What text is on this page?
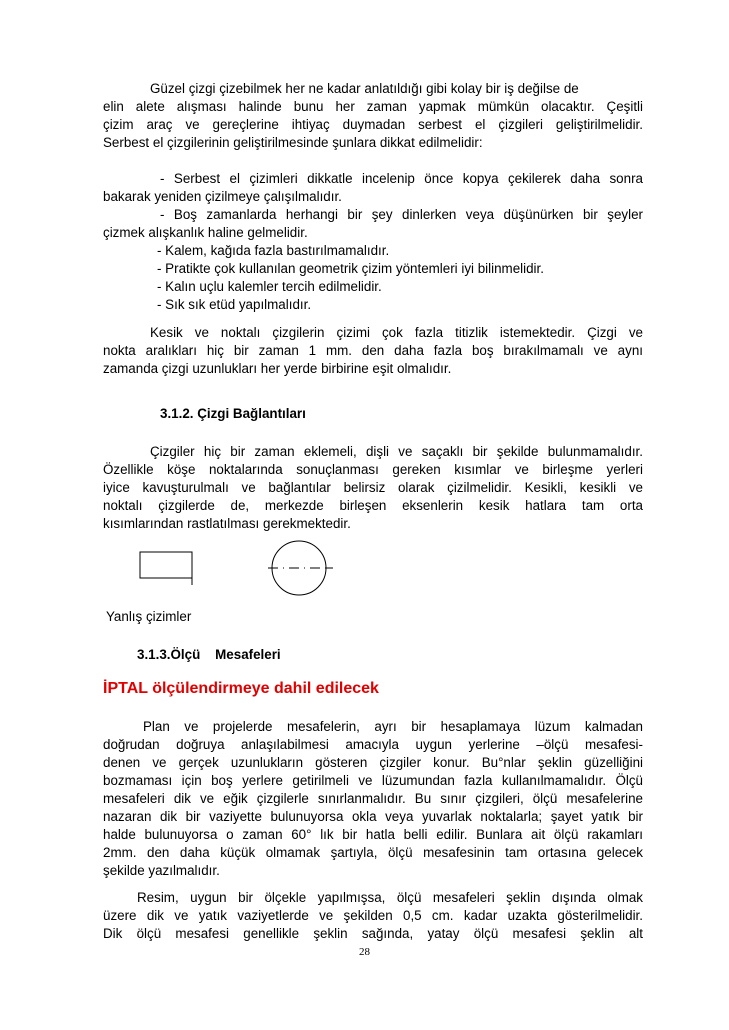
Güzel çizgi çizebilmek her ne kadar anlatıldığı gibi kolay bir iş değilse de
elin alete alışması halinde bunu her zaman yapmak mümkün olacaktır. Çeşitli
çizim araç ve gereçlerine ihtiyaç duymadan serbest el çizgileri geliştirilmelidir.
Serbest el çizgilerinin geliştirilmesinde şunlara dikkat edilmelidir:
- Serbest el çizimleri dikkatle incelenip önce kopya çekilerek daha sonra
bakarak yeniden çizilmeye çalışılmalıdır.
- Boş zamanlarda herhangi bir şey dinlerken veya düşünürken bir şeyler
çizmek alışkanlık haline gelmelidir.
- Kalem, kağıda fazla bastırılmamalıdır.
- Pratikte çok kullanılan geometrik çizim yöntemleri iyi bilinmelidir.
- Kalın uçlu kalemler tercih edilmelidir.
- Sık sık etüd yapılmalıdır.
Kesik ve noktalı çizgilerin çizimi çok fazla titizlik istemektedir. Çizgi ve
nokta aralıkları hiç bir zaman 1 mm. den daha fazla boş bırakılmamalı ve aynı
zamanda çizgi uzunlukları her yerde birbirine eşit olmalıdır.
3.1.2. Çizgi Bağlantıları
Çizgiler hiç bir zaman eklemeli, dişli ve saçaklı bir şekilde bulunmamalıdır.
Özellikle köşe noktalarında sonuçlanması gereken kısımlar ve birleşme yerleri
iyice kavuşturulmalı ve bağlantılar belirsiz olarak çizilmelidir. Kesikli, kesikli ve
noktalı çizgilerde de, merkezde birleşen eksenlerin kesik hatlara tam orta
kısımlarından rastlatılması gerekmektedir.
Yanlış çizimler
3.1.3.Ölçü    Mesafeleri
İPTAL ölçülendirmeye dahil edilecek
Plan ve projelerde mesafelerin, ayrı bir hesaplamaya lüzum kalmadan
doğrudan doğruya anlaşılabilmesi amacıyla uygun yerlerine –ölçü mesafesi-
denen ve gerçek uzunlukların gösteren çizgiler konur. Bu°nlar şeklin güzelliğini
bozmaması için boş yerlere getirilmeli ve lüzumundan fazla kullanılmamalıdır. Ölçü
mesafeleri dik ve eğik çizgilerle sınırlanmalıdır. Bu sınır çizgileri, ölçü mesafelerine
nazaran dik bir vaziyette bulunuyorsa okla veya yuvarlak noktalarla; şayet yatık bir
halde bulunuyorsa o zaman 60° lık bir hatla belli edilir. Bunlara ait ölçü rakamları
2mm. den daha küçük olmamak şartıyla, ölçü mesafesinin tam ortasına gelecek
şekilde yazılmalıdır.
Resim, uygun bir ölçekle yapılmışsa, ölçü mesafeleri şeklin dışında olmak
üzere dik ve yatık vaziyetlerde ve şekilden 0,5 cm. kadar uzakta gösterilmelidir.
Dik ölçü mesafesi genellikle şeklin sağında, yatay ölçü mesafesi şeklin alt
28
